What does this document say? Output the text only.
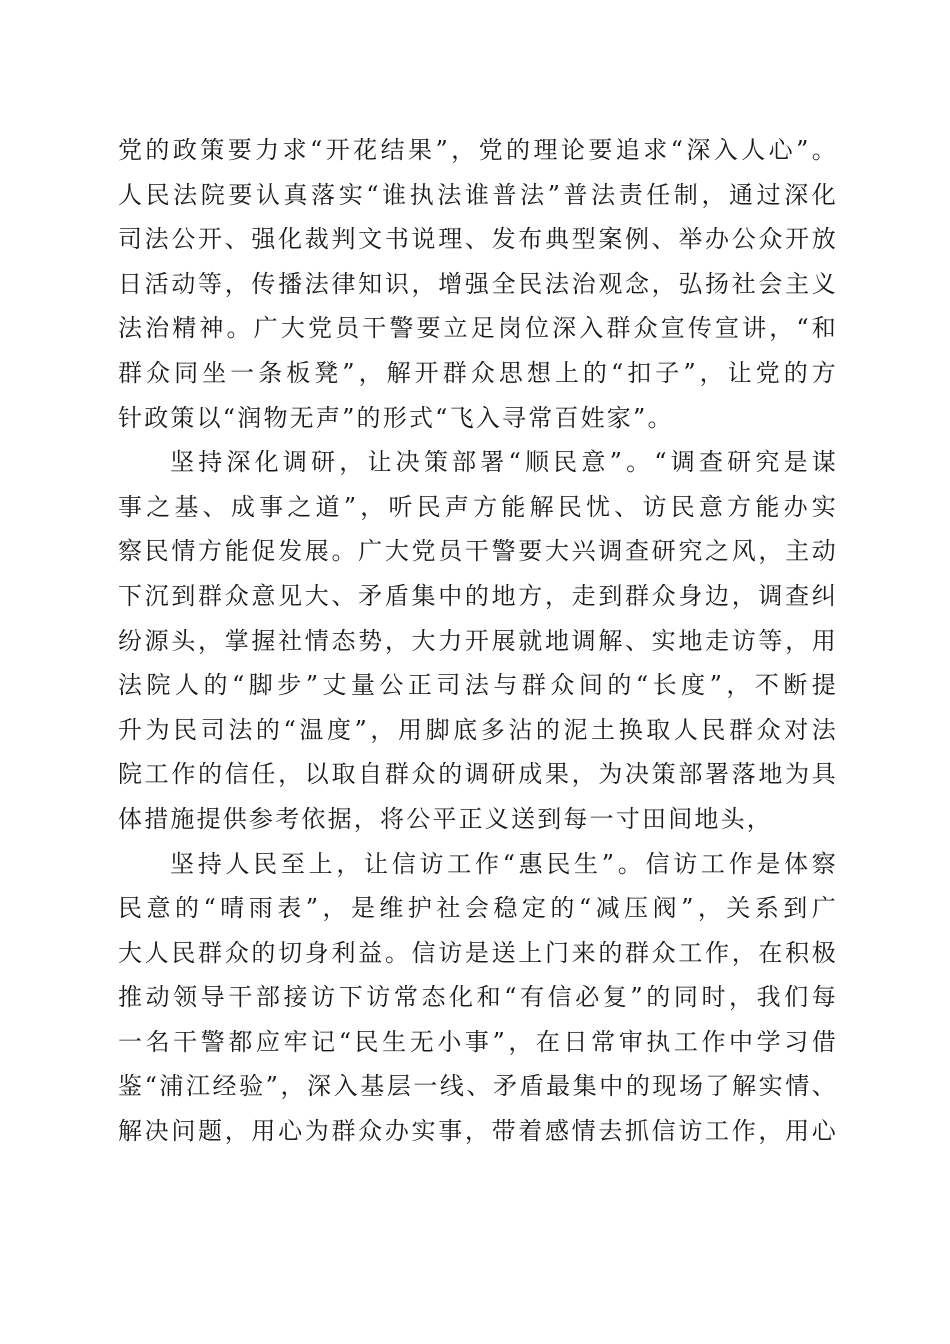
党的政策要力求“开花结果”，党的理论要追求“深入人心”。
人民法院要认真落实“谁执法谁普法”普法责任制，通过深化
司法公开、强化裁判文书说理、发布典型案例、举办公众开放
日活动等，传播法律知识，增强全民法治观念，弘扬社会主义
法治精神。广大党员干警要立足岗位深入群众宣传宣讲，“和
群众同坐一条板凳”，解开群众思想上的“扣子”，让党的方
针政策以“润物无声”的形式“飞入寻常百姓家”。
坚持深化调研，让决策部署“顺民意”。“调查研究是谋
事之基、成事之道”，听民声方能解民忧、访民意方能办实
察民情方能促发展。广大党员干警要大兴调查研究之风，主动
下沉到群众意见大、矛盾集中的地方，走到群众身边，调查纠
纷源头，掌握社情态势，大力开展就地调解、实地走访等，用
法院人的“脚步”丈量公正司法与群众间的“长度”，不断提
升为民司法的“温度”，用脚底多沾的泥土换取人民群众对法
院工作的信任，以取自群众的调研成果，为决策部署落地为具
体措施提供参考依据，将公平正义送到每一寸田间地头，
坚持人民至上，让信访工作“惠民生”。信访工作是体察
民意的“晴雨表”，是维护社会稳定的“减压阀”，关系到广
大人民群众的切身利益。信访是送上门来的群众工作，在积极
推动领导干部接访下访常态化和“有信必复”的同时，我们每
一名干警都应牢记“民生无小事”，在日常审执工作中学习借
鉴“浦江经验”，深入基层一线、矛盾最集中的现场了解实情、
解决问题，用心为群众办实事，带着感情去抓信访工作，用心
